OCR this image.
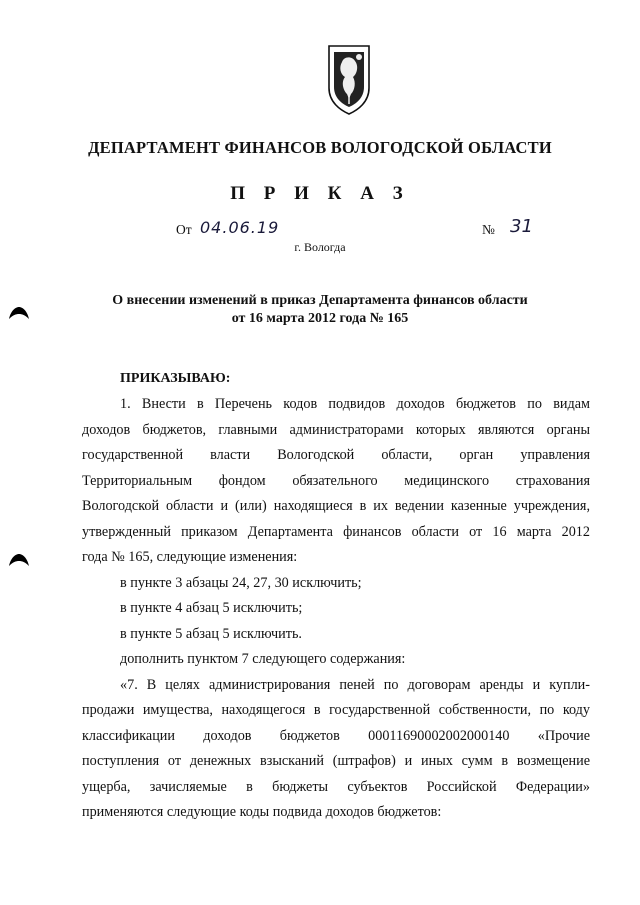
ДЕПАРТАМЕНТ ФИНАНСОВ ВОЛОГОДСКОЙ ОБЛАСТИ
П Р И К А З
От 04.06.19	№ 31
г. Вологда
О внесении изменений в приказ Департамента финансов области
от 16 марта 2012 года № 165
ПРИКАЗЫВАЮ:

1. Внести в Перечень кодов подвидов доходов бюджетов по видам

доходов бюджетов, главными администраторами которых являются органы

государственной власти Вологодской области, орган управления

Территориальным фондом обязательного медицинского страхования

Вологодской области и (или) находящиеся в их ведении казенные учреждения,

утвержденный приказом Департамента финансов области от 16 марта 2012

года № 165, следующие изменения:

в пункте 3 абзацы 24, 27, 30 исключить;

в пункте 4 абзац 5 исключить;

в пункте 5 абзац 5 исключить.

дополнить пунктом 7 следующего содержания:

«7. В целях администрирования пеней по договорам аренды и купли-

продажи имущества, находящегося в государственной собственности, по коду

классификации доходов бюджетов 00011690002002000140 «Прочие

поступления от денежных взысканий (штрафов) и иных сумм в возмещение

ущерба, зачисляемые в бюджеты субъектов Российской Федерации»

применяются следующие коды подвида доходов бюджетов:
